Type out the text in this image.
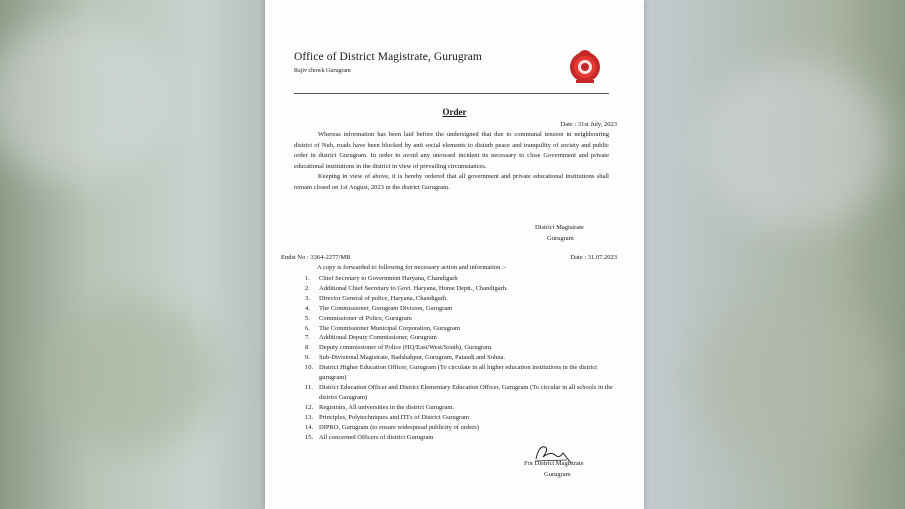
Office of District Magistrate, Gurugram
Rajiv chowk Gurugram
Order
Date : 31st July, 2023

Whereas information has been laid before the undersigned that due to communal tension in neighbouring district of Nuh, roads have been blocked by anti social elements to disturb peace and tranquility of society and public order in district Gurugram. In order to avoid any unoward incident its necessary to close Government and private educational institutions in the district in view of prevailing circumstances.

Keeping in view of above, it is hereby ordered that all government and private educational institutions shall remain closed on 1st August, 2023 in the district Gurugram.

District Magistrate
Gurugram
Endst No : 3364-2277/MB	Date : 31.07.2023
A copy is forwarded to following for necessary action and information :-
1.	Chief Secretary to Government Haryana, Chandigarh
2.	Additional Chief Secretary to Govt. Haryana, Home Deptt., Chandigarh.
3.	Director General of police, Haryana, Chandigarh.
4.	The Commissioner, Gurugram Division, Gurugram
5.	Commissioner of Police, Gurugram
6.	The Commissioner Municipal Corporation, Gurugram
7.	Additional Deputy Commissioner, Gurugram
8.	Deputy commissioner of Police (HQ/East/West/South), Gurugram.
9.	Sub-Divisional Magistrate, Badshahpur, Gurugram, Pataudi and Sohna.
10. District Higher Education Officer, Gurugram (To circulate in all higher education institutions in the district gurugram)
11. District Education Officer and District Elementary Education Officer, Gurugram (To circular in all schools in the district Guragram)
12. Registrars, All universities in the district Gurugram.
13. Principles, Polytechniques and ITI's of District Gurugram
14. DIPRO, Gurugram (to ensure widespread publicity of orders)
15. All concerned Officers of district Gurugram
For District Magistrate
Gurugram
